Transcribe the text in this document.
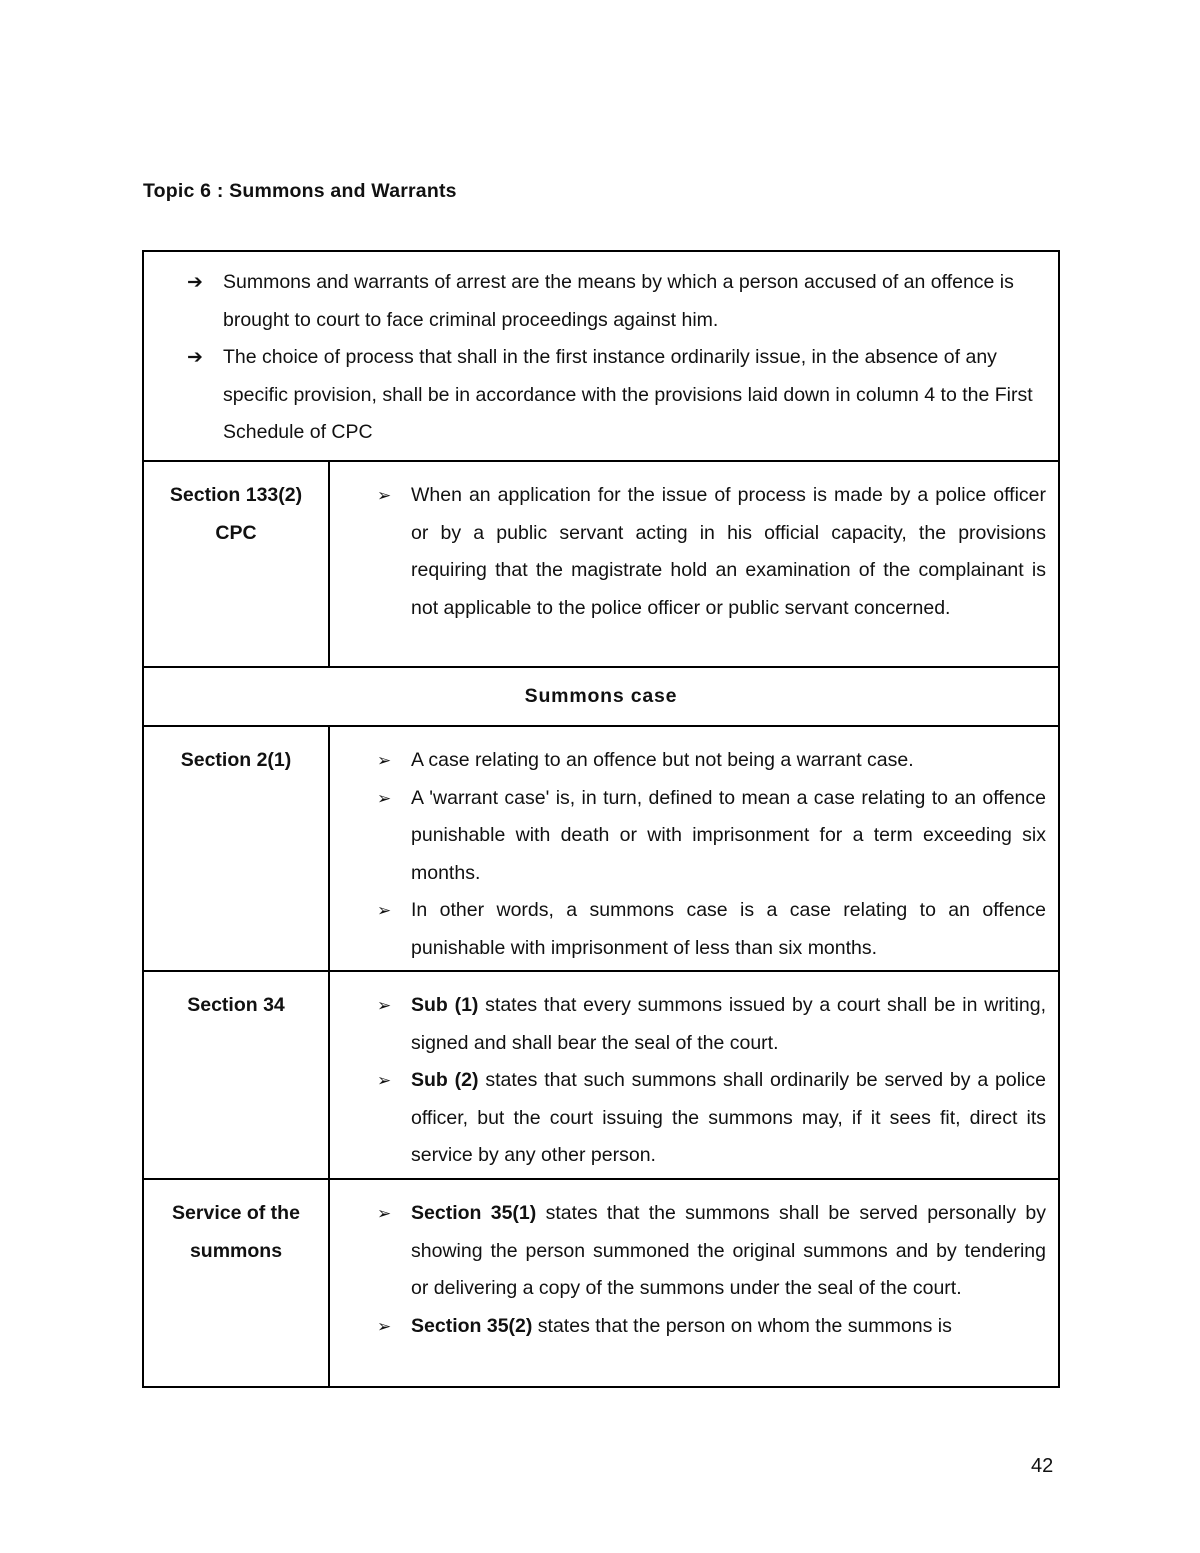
Topic 6 : Summons and Warrants
➔ Summons and warrants of arrest are the means by which a person accused of an offence is brought to court to face criminal proceedings against him.
➔ The choice of process that shall in the first instance ordinarily issue, in the absence of any specific provision, shall be in accordance with the provisions laid down in column 4 to the First Schedule of CPC
Section 133(2)
CPC
➢ When an application for the issue of process is made by a police officer or by a public servant acting in his official capacity, the provisions requiring that the magistrate hold an examination of the complainant is not applicable to the police officer or public servant concerned.
Summons case
Section 2(1)	➢ A case relating to an offence but not being a warrant case.
➢ A 'warrant case' is, in turn, defined to mean a case relating to an offence punishable with death or with imprisonment for a term exceeding six months.
➢ In other words, a summons case is a case relating to an offence punishable with imprisonment of less than six months.
Section 34	➢ Sub (1) states that every summons issued by a court shall be in writing, signed and shall bear the seal of the court.
➢ Sub (2) states that such summons shall ordinarily be served by a police officer, but the court issuing the summons may, if it sees fit, direct its service by any other person.
Service of the
summons
➢ Section 35(1) states that the summons shall be served personally by showing the person summoned the original summons and by tendering or delivering a copy of the summons under the seal of the court.
➢ Section 35(2) states that the person on whom the summons is
42
